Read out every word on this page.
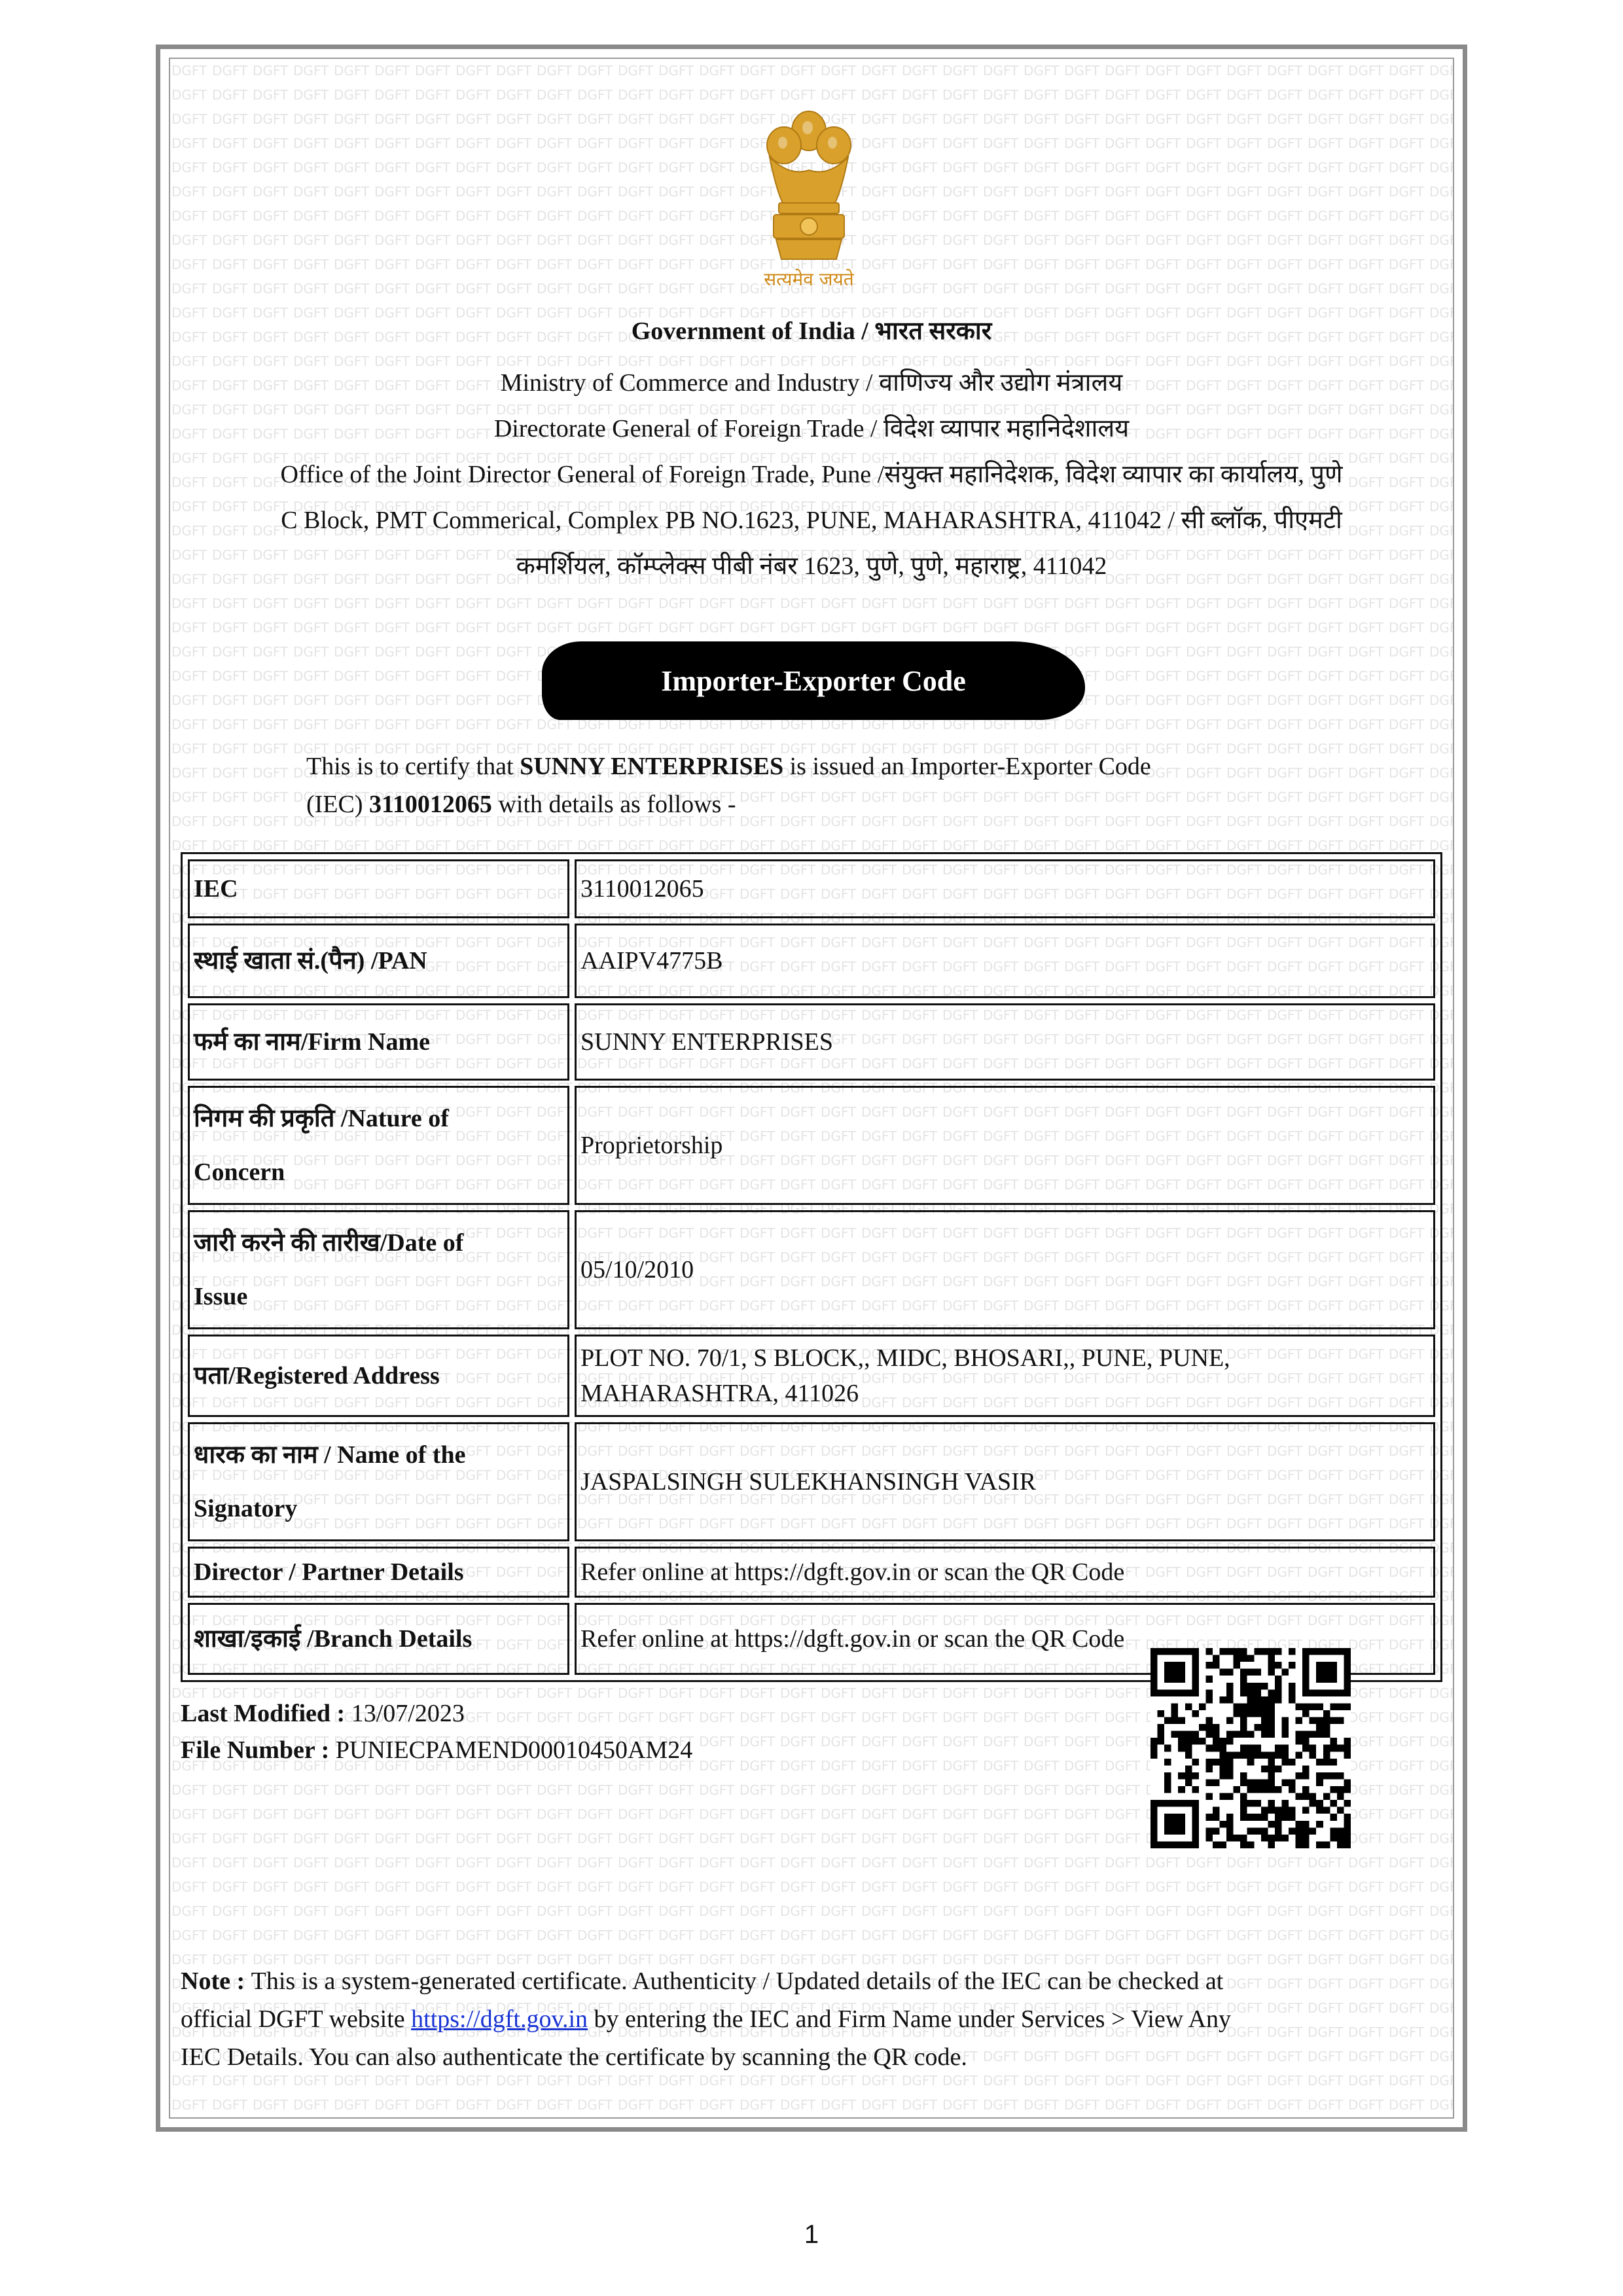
सत्यमेव जयते
Government of India / भारत सरकार
Ministry of Commerce and Industry / वाणिज्य और उद्योग मंत्रालय
Directorate General of Foreign Trade / विदेश व्यापार महानिदेशालय
Office of the Joint Director General of Foreign Trade, Pune /संयुक्त महानिदेशक, विदेश व्यापार का कार्यालय, पुणे
C Block, PMT Commerical, Complex PB NO.1623, PUNE, MAHARASHTRA, 411042 / सी ब्लॉक, पीएमटी
कमर्शियल, कॉम्प्लेक्स पीबी नंबर 1623, पुणे, पुणे, महाराष्ट्र, 411042
Importer-Exporter Code
This is to certify that SUNNY ENTERPRISES is issued an Importer-Exporter Code
(IEC) 3110012065 with details as follows -
IEC	3110012065
स्थाई खाता सं.(पैन) /PAN	AAIPV4775B
फर्म का नाम/Firm Name	SUNNY ENTERPRISES
निगम की प्रकृति /Nature of
Concern	Proprietorship
जारी करने की तारीख/Date of
Issue	05/10/2010
पता/Registered Address	PLOT NO. 70/1, S BLOCK,, MIDC, BHOSARI,, PUNE, PUNE,
MAHARASHTRA, 411026
धारक का नाम / Name of the
Signatory	JASPALSINGH SULEKHANSINGH VASIR
Director / Partner Details	Refer online at https://dgft.gov.in or scan the QR Code
शाखा/इकाई /Branch Details	Refer online at https://dgft.gov.in or scan the QR Code
Last Modified : 13/07/2023
File Number : PUNIECPAMEND00010450AM24
Note : This is a system-generated certificate. Authenticity / Updated details of the IEC can be checked at
official DGFT website https://dgft.gov.in by entering the IEC and Firm Name under Services > View Any
IEC Details. You can also authenticate the certificate by scanning the QR code.
1
